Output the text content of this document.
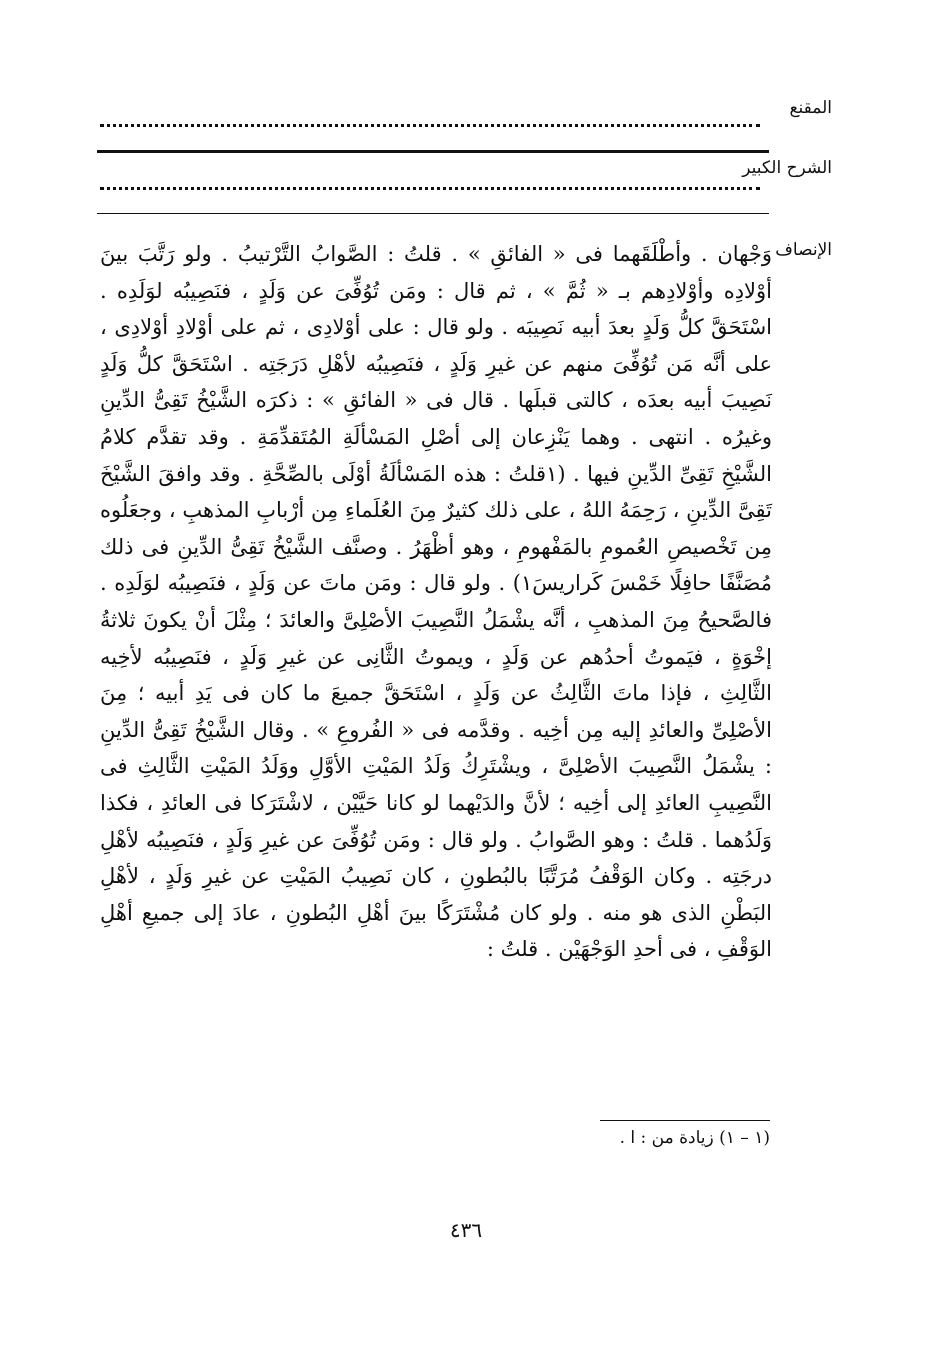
المقنع
الشرح الكبير
الإنصاف

وَجْهان . وأطْلَقَهما فى « الفائقِ » . قلتُ : الصَّوابُ التَّرْتيبُ . ولو رَتَّبَ بينَ أوْلادِه وأوْلادِهم بـ « ثُمَّ » ، ثم قال : ومَن تُوُفِّىَ عن وَلَدٍ ، فنَصِيبُه لوَلَدِه . اسْتَحَقَّ كلُّ وَلَدٍ بعدَ أبيه نَصِيبَه . ولو قال : على أوْلادِى ، ثم على أوْلادِ أوْلادِى ، على أنَّه مَن تُوُفِّىَ منهم عن غيرِ وَلَدٍ ، فنَصِيبُه لأهْلِ دَرَجَتِه . اسْتَحَقَّ كلُّ وَلَدٍ نَصِيبَ أبيه بعدَه ، كالتى قبلَها . قال فى « الفائقِ » : ذكرَه الشَّيْخُ تَقِىُّ الدِّينِ وغيرُه . انتهى . وهما يَنْزِعان إلى أصْلِ المَسْألَةِ المُتَقدِّمَةِ . وقد تقدَّم كلامُ الشَّيْخِ تَقِىِّ الدِّينِ فيها . (١قلتُ : هذه المَسْألَةُ أوْلَى بالصِّحَّةِ . وقد وافقَ الشَّيْخَ تَقِىَّ الدِّينِ ، رَحِمَهُ اللهُ ، على ذلك كثيرٌ مِنَ العُلَماءِ مِن أرْبابِ المذهبِ ، وجعَلُوه مِن تَخْصيصِ العُمومِ بالمَفْهومِ ، وهو أظْهَرُ . وصنَّف الشَّيْخُ تَقِىُّ الدِّينِ فى ذلك مُصَنَّفًا حافِلًا خَمْسَ كَراريسَ١) . ولو قال : ومَن ماتَ عن وَلَدٍ ، فنَصِيبُه لوَلَدِه . فالصَّحيحُ مِنَ المذهبِ ، أنَّه يشْمَلُ النَّصِيبَ الأصْلِىَّ والعائدَ ؛ مِثْلَ أنْ يكونَ ثلاثةُ إخْوَةٍ ، فيَموتُ أحدُهم عن وَلَدٍ ، ويموتُ الثَّانِى عن غيرِ وَلَدٍ ، فنَصِيبُه لأخِيه الثَّالِثِ ، فإذا ماتَ الثَّالِثُ عن وَلَدٍ ، اسْتَحَقَّ جميعَ ما كان فى يَدِ أبيه ؛ مِنَ الأصْلِىِّ والعائدِ إليه مِن أخِيه . وقدَّمه فى « الفُروعِ » . وقال الشَّيْخُ تَقِىُّ الدِّينِ : يشْمَلُ النَّصِيبَ الأصْلِىَّ ، ويشْتَرِكُ وَلَدُ المَيْتِ الأوَّلِ ووَلَدُ المَيْتِ الثَّالِثِ فى النَّصِيبِ العائدِ إلى أخِيه ؛ لأنَّ والدَيْهما لو كانا حَيَّيْن ، لاشْتَرَكا فى العائدِ ، فكذا وَلَدُهما . قلتُ : وهو الصَّوابُ . ولو قال : ومَن تُوُفِّىَ عن غيرِ وَلَدٍ ، فنَصِيبُه لأهْلِ درجَتِه . وكان الوَقْفُ مُرَتَّبًا بالبُطونِ ، كان نَصِيبُ المَيْتِ عن غيرِ وَلَدٍ ، لأهْلِ البَطْنِ الذى هو منه . ولو كان مُشْتَرَكًا بينَ أهْلِ البُطونِ ، عادَ إلى جميعِ أهْلِ الوَقْفِ ، فى أحدِ الوَجْهَيْن . قلتُ :

(١ – ١) زيادة من : ا .
٤٣٦
